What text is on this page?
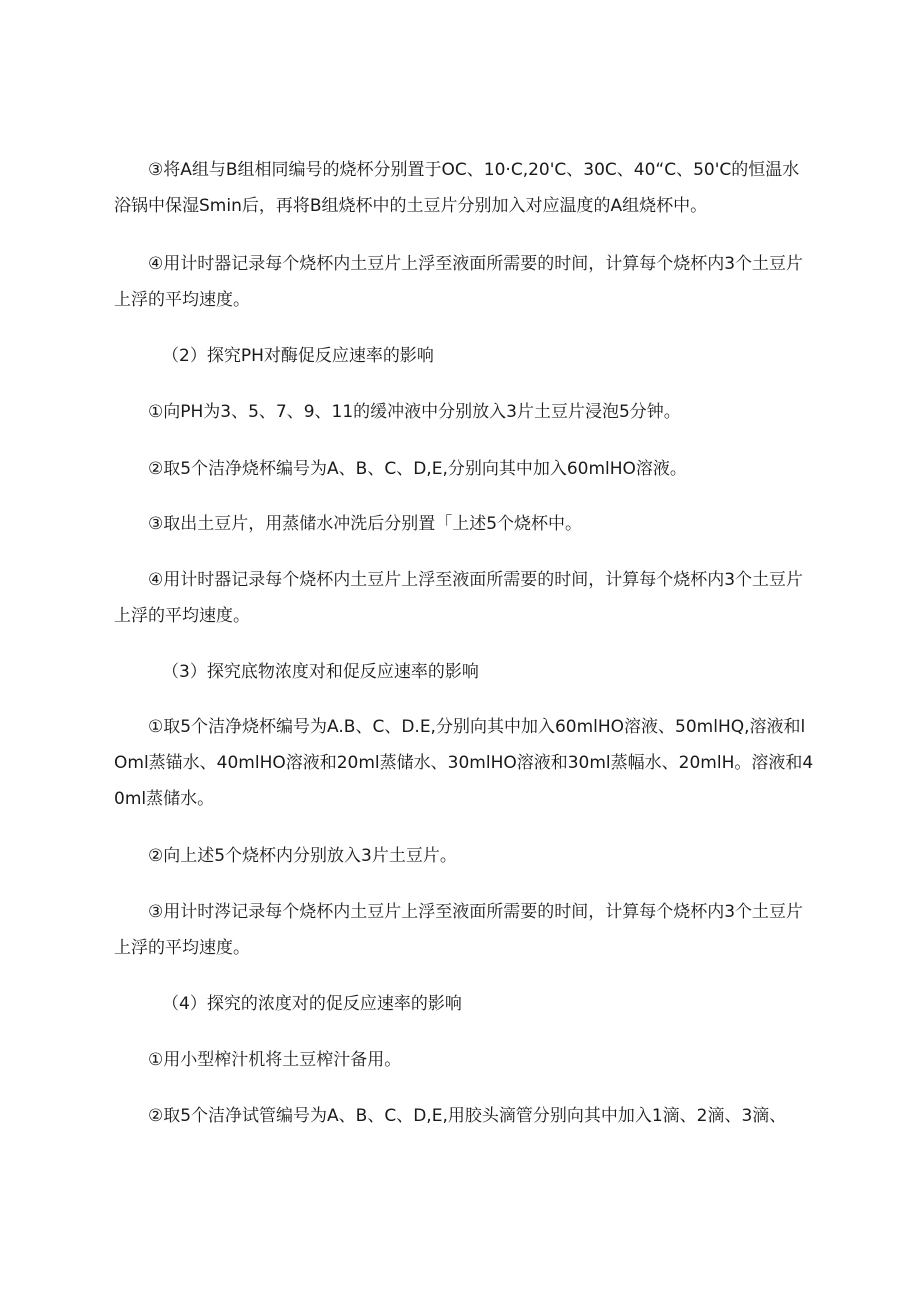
③将A组与B组相同编号的烧杯分别置于OC、10·C,20'C、30C、40“C、50'C的恒温水浴锅中保湿Smin后，再将B组烧杯中的土豆片分别加入对应温度的A组烧杯中。

④用计时器记录每个烧杯内土豆片上浮至液面所需要的时间，计算每个烧杯内3个土豆片上浮的平均速度。

（2）探究PH对酶促反应速率的影响

①向PH为3、5、7、9、11的缓冲液中分别放入3片土豆片浸泡5分钟。

②取5个洁净烧杯编号为A、B、C、D,E,分别向其中加入60mlHO溶液。

③取出土豆片，用蒸储水冲洗后分别置「上述5个烧杯中。

④用计时器记录每个烧杯内土豆片上浮至液面所需要的时间，计算每个烧杯内3个土豆片上浮的平均速度。

（3）探究底物浓度对和促反应速率的影响

①取5个洁净烧杯编号为A.B、C、D.E,分别向其中加入60mlHO溶液、50mlHQ,溶液和lOml蒸锚水、40mlHO溶液和20ml蒸储水、30mlHO溶液和30ml蒸幅水、20mlH。溶液和40ml蒸储水。

②向上述5个烧杯内分别放入3片土豆片。

③用计时涔记录每个烧杯内土豆片上浮至液面所需要的时间，计算每个烧杯内3个土豆片上浮的平均速度。

（4）探究的浓度对的促反应速率的影响

①用小型榨汁机将土豆榨汁备用。

②取5个洁净试管编号为A、B、C、D,E,用胶头滴管分别向其中加入1滴、2滴、3滴、
